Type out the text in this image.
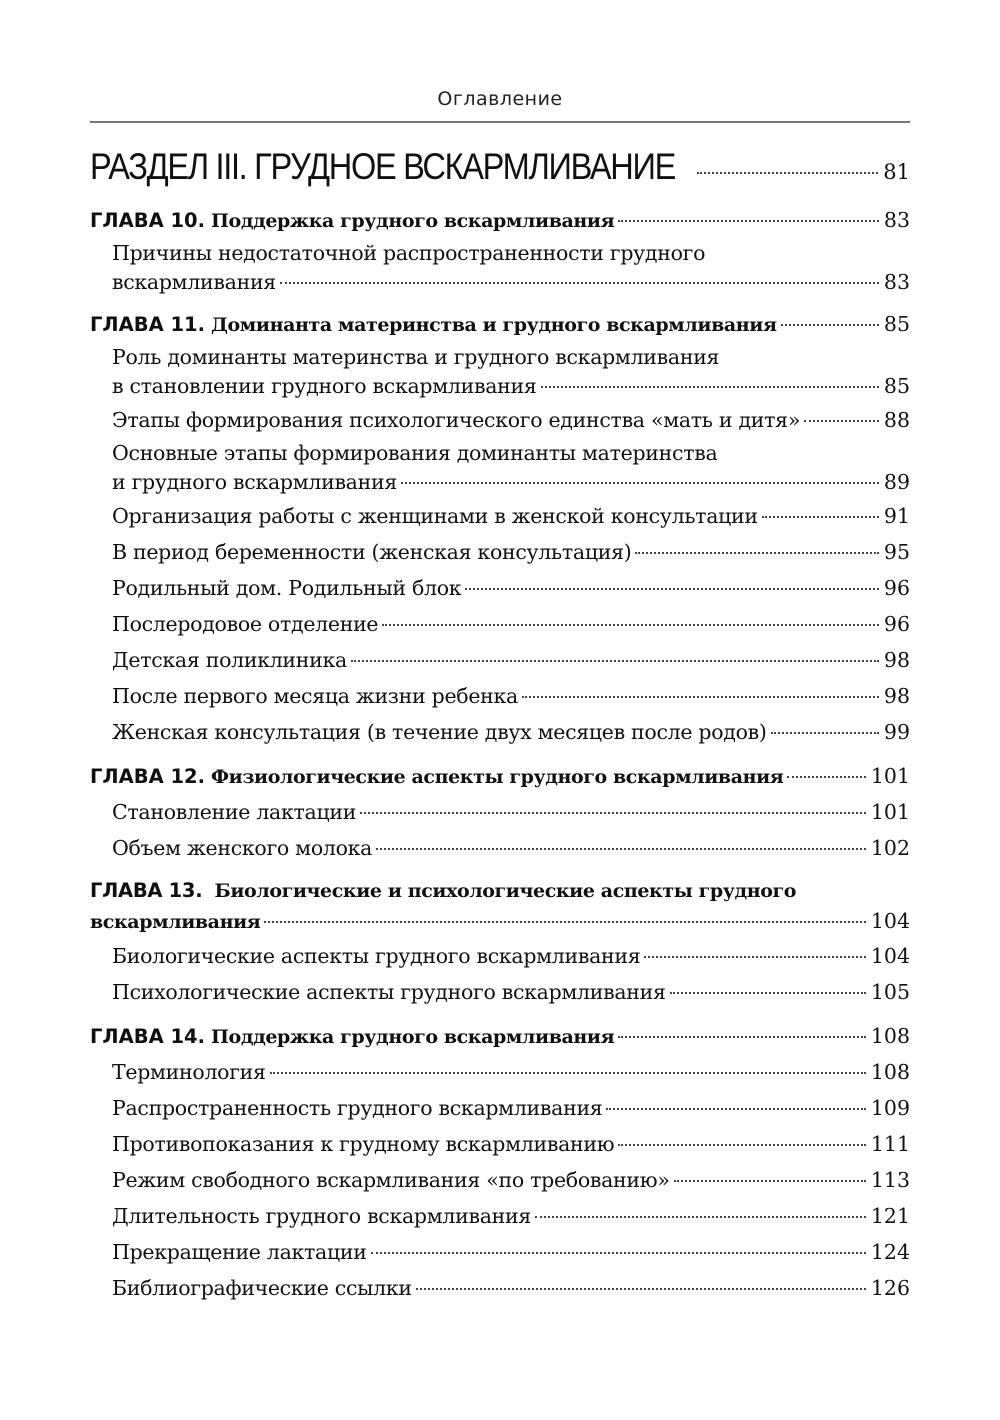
Оглавление
РАЗДЕЛ III. ГРУДНОЕ ВСКАРМЛИВАНИЕ	81
ГЛАВА 10. Поддержка грудного вскармливания	83
Причины недостаточной распространенности грудного
вскармливания	83
ГЛАВА 11. Доминанта материнства и грудного вскармливания	85
Роль доминанты материнства и грудного вскармливания
в становлении грудного вскармливания	85
Этапы формирования психологического единства «мать и дитя»	88
Основные этапы формирования доминанты материнства
и грудного вскармливания	89
Организация работы с женщинами в женской консультации	91
В период беременности (женская консультация)	95
Родильный дом. Родильный блок	96
Послеродовое отделение	96
Детская поликлиника	98
После первого месяца жизни ребенка	98
Женская консультация (в течение двух месяцев после родов)	99
ГЛАВА 12. Физиологические аспекты грудного вскармливания	101
Становление лактации	101
Объем женского молока	102
ГЛАВА 13. Биологические и психологические аспекты грудного
вскармливания	104
Биологические аспекты грудного вскармливания	104
Психологические аспекты грудного вскармливания	105
ГЛАВА 14. Поддержка грудного вскармливания	108
Терминология	108
Распространенность грудного вскармливания	109
Противопоказания к грудному вскармливанию	111
Режим свободного вскармливания «по требованию»	113
Длительность грудного вскармливания	121
Прекращение лактации	124
Библиографические ссылки	126
